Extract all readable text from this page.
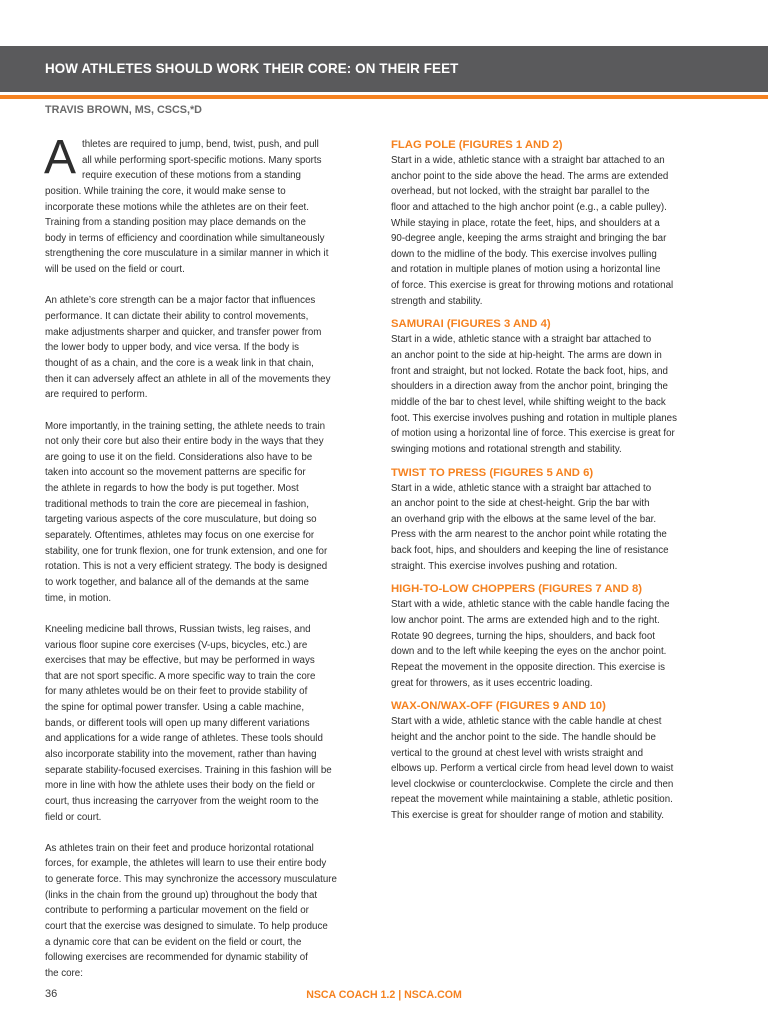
HOW ATHLETES SHOULD WORK THEIR CORE: ON THEIR FEET
TRAVIS BROWN, MS, CSCS,*D
A thletes are required to jump, bend, twist, push, and pull
all while performing sport-specific motions. Many sports
require execution of these motions from a standing
position. While training the core, it would make sense to
incorporate these motions while the athletes are on their feet.
Training from a standing position may place demands on the
body in terms of efficiency and coordination while simultaneously
strengthening the core musculature in a similar manner in which it
will be used on the field or court.
An athlete’s core strength can be a major factor that influences
performance. It can dictate their ability to control movements,
make adjustments sharper and quicker, and transfer power from
the lower body to upper body, and vice versa. If the body is
thought of as a chain, and the core is a weak link in that chain,
then it can adversely affect an athlete in all of the movements they
are required to perform.
More importantly, in the training setting, the athlete needs to train
not only their core but also their entire body in the ways that they
are going to use it on the field. Considerations also have to be
taken into account so the movement patterns are specific for
the athlete in regards to how the body is put together. Most
traditional methods to train the core are piecemeal in fashion,
targeting various aspects of the core musculature, but doing so
separately. Oftentimes, athletes may focus on one exercise for
stability, one for trunk flexion, one for trunk extension, and one for
rotation. This is not a very efficient strategy. The body is designed
to work together, and balance all of the demands at the same
time, in motion.
Kneeling medicine ball throws, Russian twists, leg raises, and
various floor supine core exercises (V-ups, bicycles, etc.) are
exercises that may be effective, but may be performed in ways
that are not sport specific. A more specific way to train the core
for many athletes would be on their feet to provide stability of
the spine for optimal power transfer. Using a cable machine,
bands, or different tools will open up many different variations
and applications for a wide range of athletes. These tools should
also incorporate stability into the movement, rather than having
separate stability-focused exercises. Training in this fashion will be
more in line with how the athlete uses their body on the field or
court, thus increasing the carryover from the weight room to the
field or court.
As athletes train on their feet and produce horizontal rotational
forces, for example, the athletes will learn to use their entire body
to generate force. This may synchronize the accessory musculature
(links in the chain from the ground up) throughout the body that
contribute to performing a particular movement on the field or
court that the exercise was designed to simulate. To help produce
a dynamic core that can be evident on the field or court, the
following exercises are recommended for dynamic stability of
the core:
FLAG POLE (FIGURES 1 AND 2)
Start in a wide, athletic stance with a straight bar attached to an
anchor point to the side above the head. The arms are extended
overhead, but not locked, with the straight bar parallel to the
floor and attached to the high anchor point (e.g., a cable pulley).
While staying in place, rotate the feet, hips, and shoulders at a
90-degree angle, keeping the arms straight and bringing the bar
down to the midline of the body. This exercise involves pulling
and rotation in multiple planes of motion using a horizontal line
of force. This exercise is great for throwing motions and rotational
strength and stability.
SAMURAI (FIGURES 3 AND 4)
Start in a wide, athletic stance with a straight bar attached to
an anchor point to the side at hip-height. The arms are down in
front and straight, but not locked. Rotate the back foot, hips, and
shoulders in a direction away from the anchor point, bringing the
middle of the bar to chest level, while shifting weight to the back
foot. This exercise involves pushing and rotation in multiple planes
of motion using a horizontal line of force. This exercise is great for
swinging motions and rotational strength and stability.
TWIST TO PRESS (FIGURES 5 AND 6)
Start in a wide, athletic stance with a straight bar attached to
an anchor point to the side at chest-height. Grip the bar with
an overhand grip with the elbows at the same level of the bar.
Press with the arm nearest to the anchor point while rotating the
back foot, hips, and shoulders and keeping the line of resistance
straight. This exercise involves pushing and rotation.
HIGH-TO-LOW CHOPPERS (FIGURES 7 AND 8)
Start with a wide, athletic stance with the cable handle facing the
low anchor point. The arms are extended high and to the right.
Rotate 90 degrees, turning the hips, shoulders, and back foot
down and to the left while keeping the eyes on the anchor point.
Repeat the movement in the opposite direction. This exercise is
great for throwers, as it uses eccentric loading.
WAX-ON/WAX-OFF (FIGURES 9 AND 10)
Start with a wide, athletic stance with the cable handle at chest
height and the anchor point to the side. The handle should be
vertical to the ground at chest level with wrists straight and
elbows up. Perform a vertical circle from head level down to waist
level clockwise or counterclockwise. Complete the circle and then
repeat the movement while maintaining a stable, athletic position.
This exercise is great for shoulder range of motion and stability.
36	NSCA COACH 1.2 | NSCA.COM
